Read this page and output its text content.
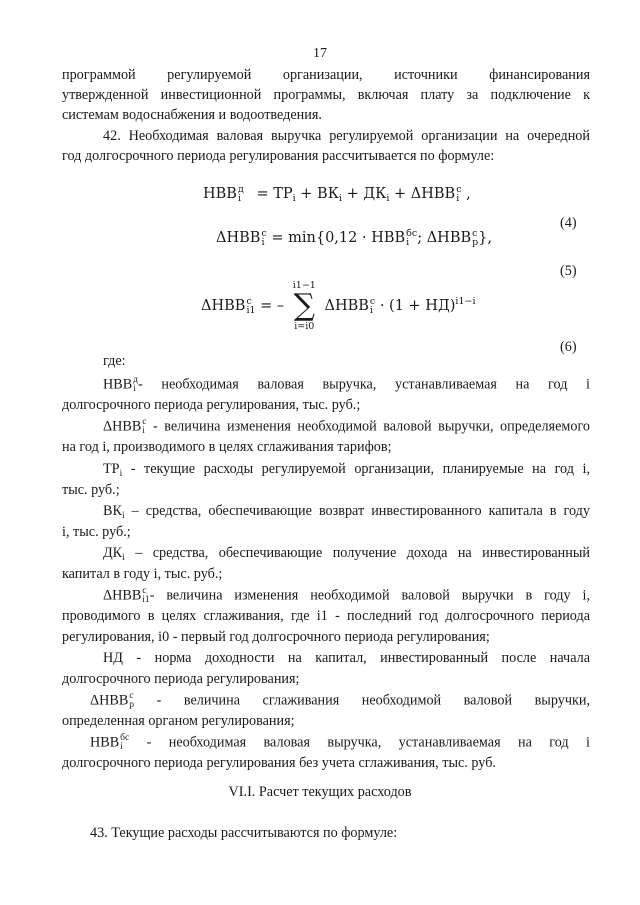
17
программой регулируемой организации, источники финансирования
утвержденной инвестиционной программы, включая плату за подключение к
системам водоснабжения и водоотведения.
42. Необходимая валовая выручка регулируемой организации на очередной
год долгосрочного периода регулирования рассчитывается по формуле:
НВВ д
$i = ТР_i + ВК_i + ДК_i + \Delta НВВ$ с
i ,
(4)
ΔНВВ с
i = min{0,12 · НВВ бс
i ; ΔНВВ с
р },
(5)
ΔНВВ с
i1 = – i1−1
∑
i=i0 ΔНВВ с
i · (1 + НД)$^{i1-i}$
(6)
где:
НВВ д
i - необходимая валовая выручка, устанавливаемая на год i
долгосрочного периода регулирования, тыс. руб.;
ΔНВВ с
i - величина изменения необходимой валовой выручки, определяемого
на год i, производимого в целях сглаживания тарифов;
$ТР_i$ - текущие расходы регулируемой организации, планируемые на год i,
тыс. руб.;
$ВК_i$ – средства, обеспечивающие возврат инвестированного капитала в году
i, тыс. руб.;
$ДК_i$ – средства, обеспечивающие получение дохода на инвестированный
капитал в году i, тыс. руб.;
ΔНВВ с
i1 - величина изменения необходимой валовой выручки в году i,
проводимого в целях сглаживания, где i1 - последний год долгосрочного периода
регулирования, i0 - первый год долгосрочного периода регулирования;
НД - норма доходности на капитал, инвестированный после начала
долгосрочного периода регулирования;
ΔНВВ с
р - величина сглаживания необходимой валовой выручки,
определенная органом регулирования;
НВВ бс
i - необходимая валовая выручка, устанавливаемая на год i
долгосрочного периода регулирования без учета сглаживания, тыс. руб.
VI.I. Расчет текущих расходов
43. Текущие расходы рассчитываются по формуле:
